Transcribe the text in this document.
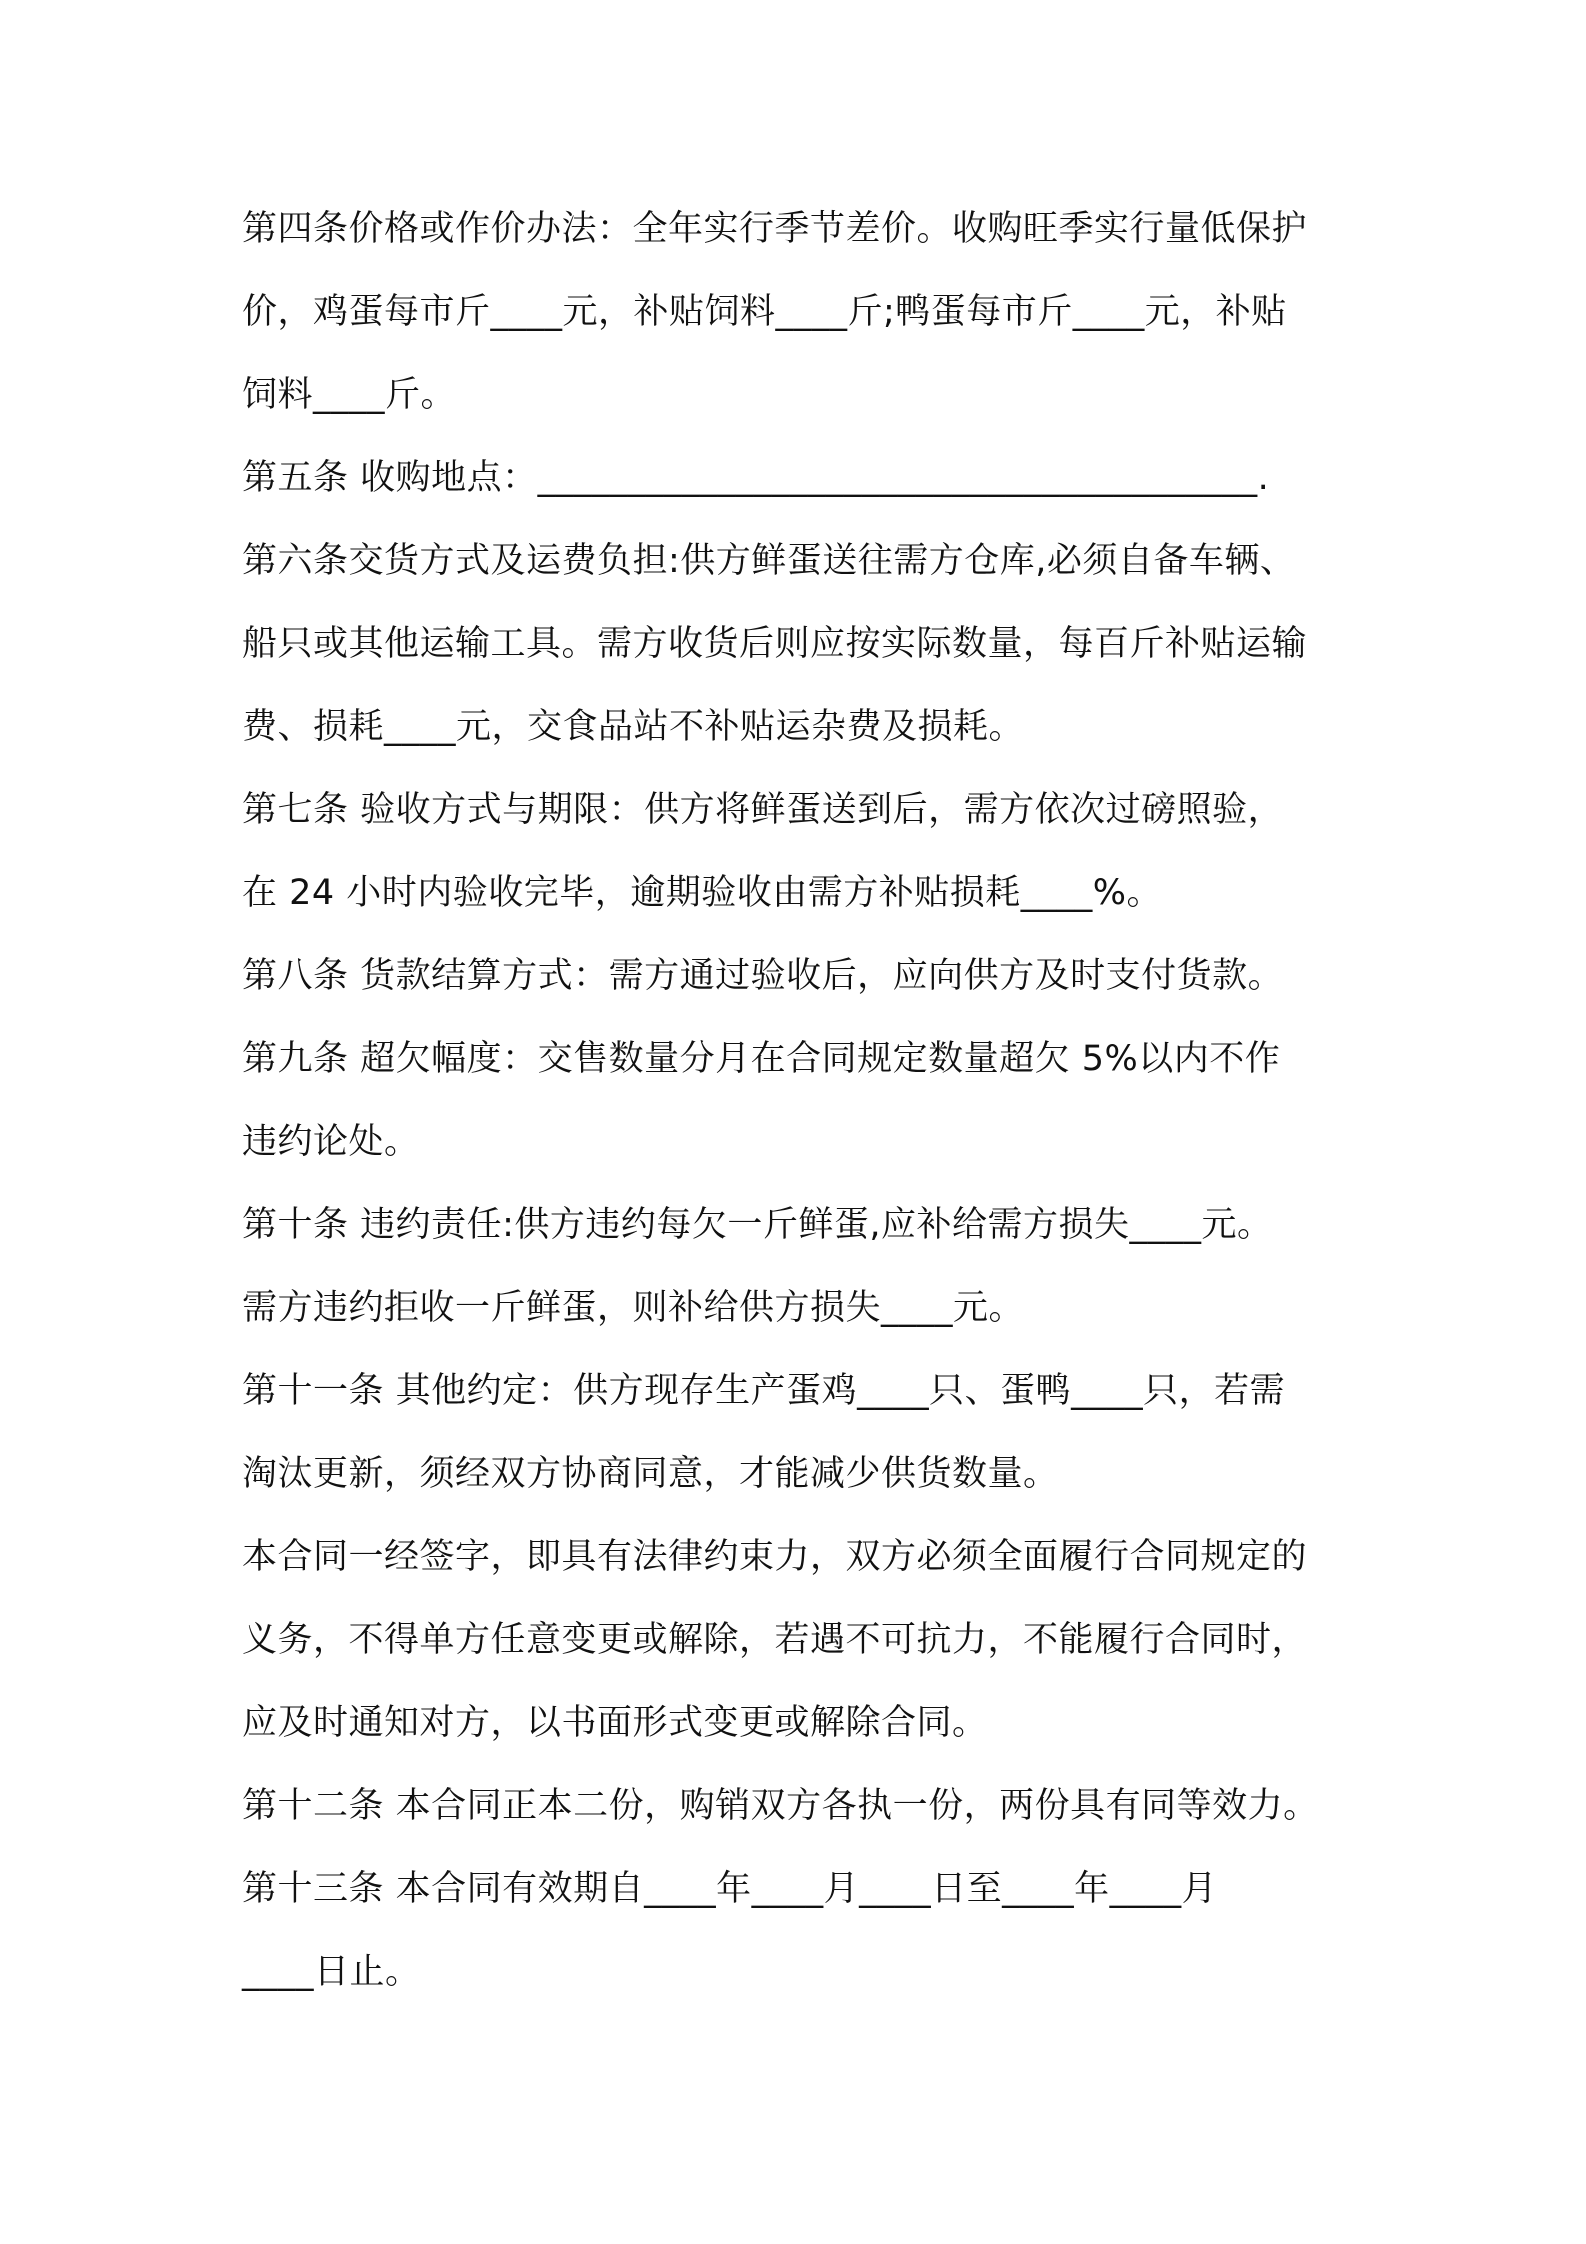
第四条价格或作价办法：全年实行季节差价。收购旺季实行量低保护
价，鸡蛋每市斤____元，补贴饲料____斤;鸭蛋每市斤____元，补贴
饲料____斤。
第五条 收购地点：________________________________________.
第六条交货方式及运费负担:供方鲜蛋送往需方仓库,必须自备车辆、
船只或其他运输工具。需方收货后则应按实际数量，每百斤补贴运输
费、损耗____元，交食品站不补贴运杂费及损耗。
第七条 验收方式与期限：供方将鲜蛋送到后，需方依次过磅照验，
在 24 小时内验收完毕，逾期验收由需方补贴损耗____%。
第八条 货款结算方式：需方通过验收后，应向供方及时支付货款。
第九条 超欠幅度：交售数量分月在合同规定数量超欠 5%以内不作
违约论处。
第十条 违约责任:供方违约每欠一斤鲜蛋,应补给需方损失____元。
需方违约拒收一斤鲜蛋，则补给供方损失____元。
第十一条 其他约定：供方现存生产蛋鸡____只、蛋鸭____只，若需
淘汰更新，须经双方协商同意，才能减少供货数量。
本合同一经签字，即具有法律约束力，双方必须全面履行合同规定的
义务，不得单方任意变更或解除，若遇不可抗力，不能履行合同时，
应及时通知对方，以书面形式变更或解除合同。
第十二条 本合同正本二份，购销双方各执一份，两份具有同等效力。
第十三条 本合同有效期自____年____月____日至____年____月
____日止。
